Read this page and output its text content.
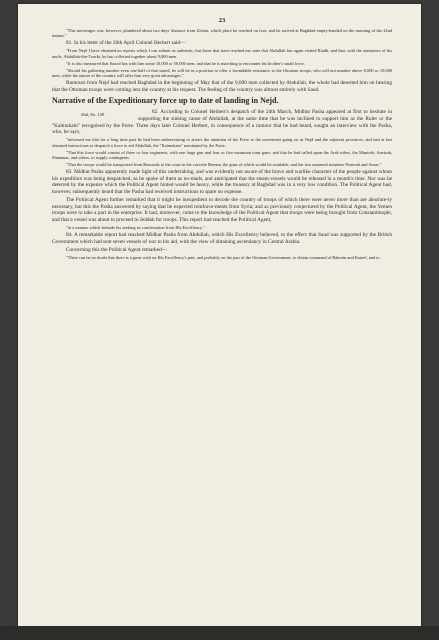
23

"This messenger was, however, plundered about two days' distance from Zobair, which place he reached on foot, and he arrived at Baghdad empty-handed on the morning of the 22nd instant."

81. In his letter of the 20th April Colonel Herbert said—

"From Nejd I have obtained no reports which I can submit as authentic, but those that have reached me state that Abdullah has again visited Riadh, and that, with the assistance of his uncle, Abdullah-ibn-Toorki, he has collected together about 9,000 men.

"It is also rumoured that Saood has with him some 10,000 or 50,000 men, and that he is marching to encounter his brother's small force.

"Should his gathering number even one-half of that stated, he will be in a position to offer a formidable resistance to the Ottoman troops, who will not number above 8,000 or 10,000 men, while the nature of the country will offer him very great advantages."

Rumours from Nejd had reached Baghdad in the beginning of May that of the 9,000 men collected by Abdullah, the whole had deserted him on hearing that the Ottoman troops were coming into the country at his request. The feeling of the country was almost entirely with Saud.

Narrative of the Expeditionary force up to date of landing in Nejd.
Ibid, No. 138.	82. According to Colonel Herbert's despatch of the 24th March, Midhut Pasha appeared at first to hesitate in supporting the sinking cause of Abdullah, at the same time that he was inclined to support him as the Ruler or the "Kaimukam" recognised by the Porte. Three days later Colonel Herbert, in consequence of a rumour that he had heard, sought an interview with the Pasha, who, he says,

"informed me that for a long time past he had been endeavouring to attract the attention of the Porte to the movement going on in Nejd and the adjacent provinces, and had at last obtained instructions to despatch a force to aid Abdullah, the "Kaimukam" nominated by the Porte.

"That this force would consist of three or four regiments, with one large gun and four or five mountain train guns; and that he had called upon the Arab tribes, the Muntefic Aneizah, Shammar, and others, to supply contingents.

"That the troops would be transported from Bussorah to the coast in the corvette Brenna, the guns of which would be available, and the two unarmed steamers Ninevah and Assur."

83. Midhut Pasha apparently made light of this undertaking, and was evidently not aware of the brave and warlike character of the people against whom his expedition was being despatched, as he spoke of them as no-mads, and anticipated that the steam-vessels would be released in a month's time. Nor was he deterred by the expense which the Political Agent hinted would be heavy, while the treasury at Baghdad was in a very low condition. The Political Agent had, however, subsequently heard that the Pasha had received instructions to spare no expense.

The Political Agent further remarked that it might be inexpedient to decode the country of troops of which there were never more than are absolute-ly necessary, but this the Pasha answered by saying that he expected reinforce-ments from Syria; and as previously conjectured by the Political Agent, the Yemen troops were to take a part in the enterprise. It had, moreover, come to the knowledge of the Political Agent that troops were being brought from Constantinople, and that a vessel was about to proceed to Jeddah for troops. This report had reached the Political Agent,

"in a manner which forbade his seeking its confirmation from His Excellency."

84. A remarkable report had reached Midhut Pasha from Abdullah, which His Excellency believed, to the effect that Saud was supported by the British Government which had sent seven vessels of war to his aid, with the view of obtaining ascendancy in Central Arabia.

Concerning this the Political Agent remarked—

"There can be no doubt that there is a great wish on His Excellency's part, and probably on the part of the Ottoman Government, to obtain command of Bahrein and Kateef, and to
